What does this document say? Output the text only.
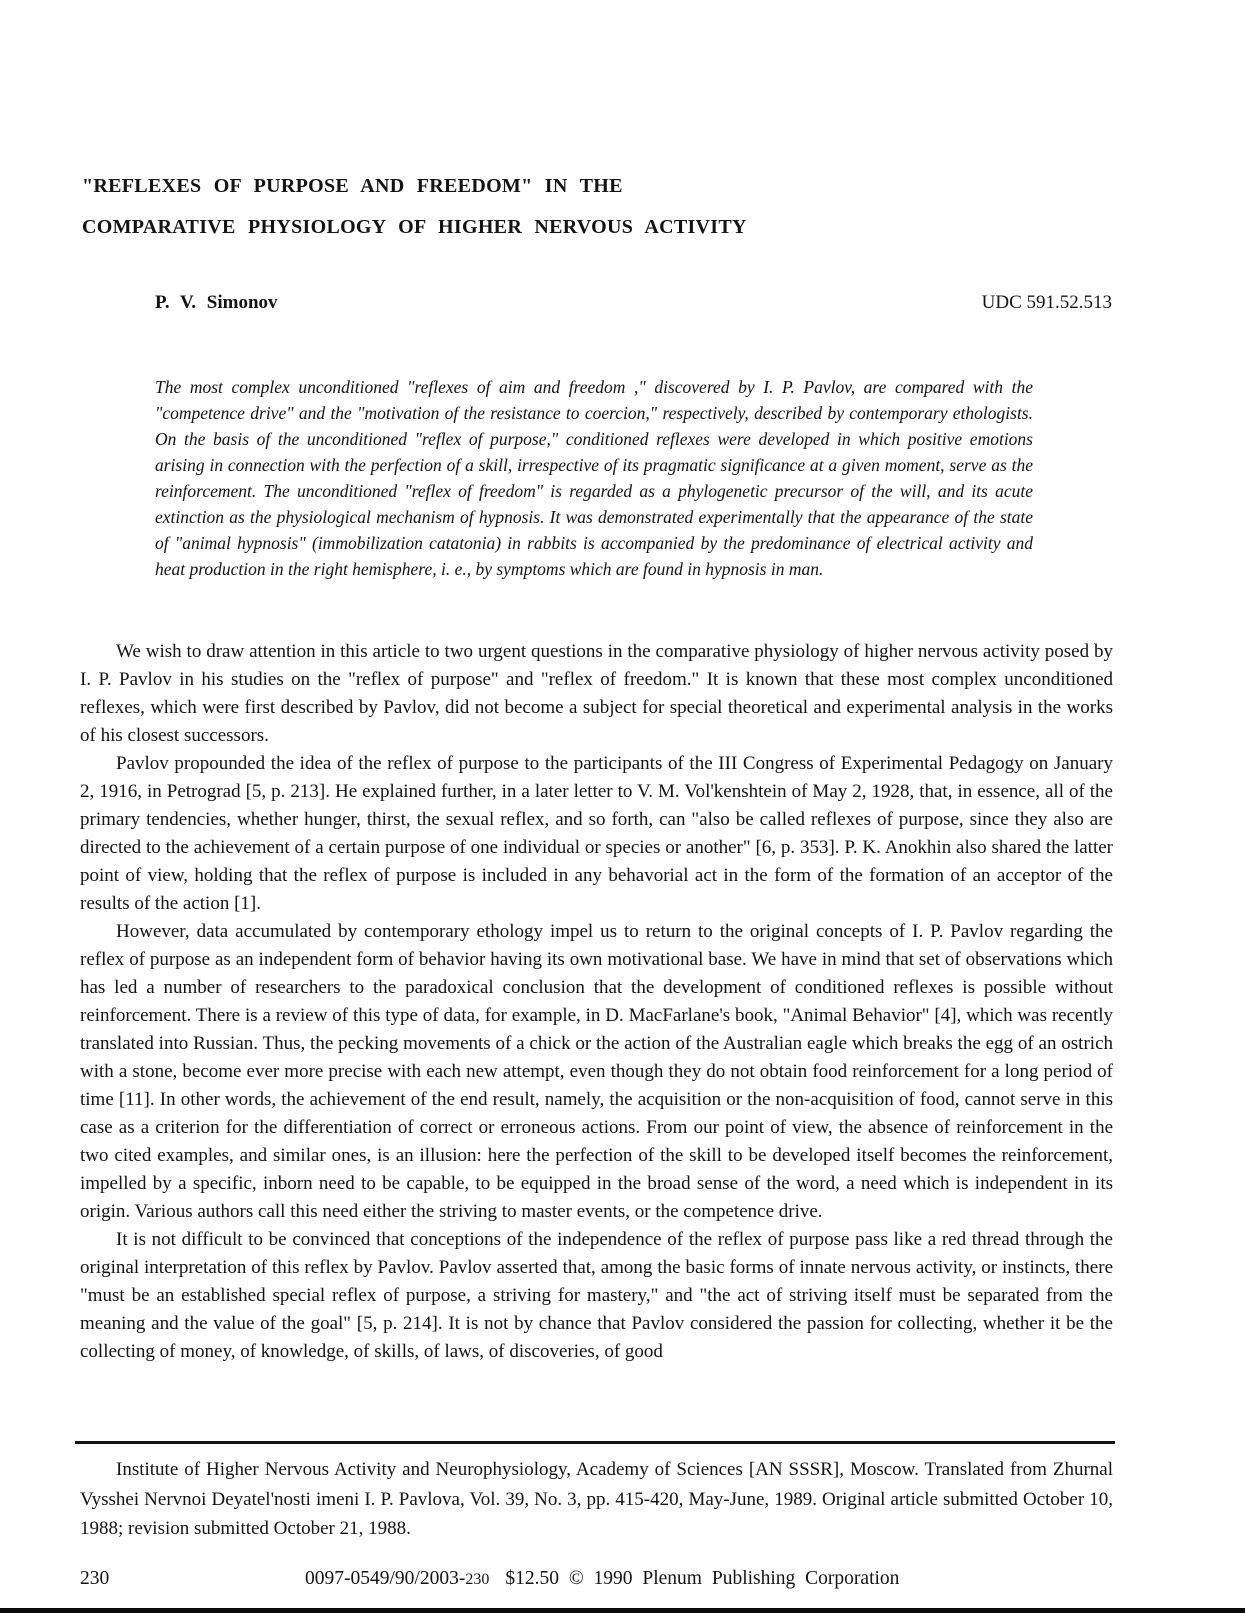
"REFLEXES OF PURPOSE AND FREEDOM" IN THE
COMPARATIVE PHYSIOLOGY OF HIGHER NERVOUS ACTIVITY
P. V. Simonov	UDC 591.52.513

The most complex unconditioned "reflexes of aim and freedom ," discovered by I. P. Pavlov, are compared with the "competence drive" and the "motivation of the resistance to coercion," respectively, described by contemporary ethologists. On the basis of the unconditioned "reflex of purpose," conditioned reflexes were developed in which positive emotions arising in connection with the perfection of a skill, irrespective of its pragmatic significance at a given moment, serve as the reinforcement. The unconditioned "reflex of freedom" is regarded as a phylogenetic precursor of the will, and its acute extinction as the physiological mechanism of hypnosis. It was demonstrated experimentally that the appearance of the state of "animal hypnosis" (immobilization catatonia) in rabbits is accompanied by the predominance of electrical activity and heat production in the right hemisphere, i. e., by symptoms which are found in hypnosis in man.

We wish to draw attention in this article to two urgent questions in the comparative physiology of higher nervous activity posed by I. P. Pavlov in his studies on the "reflex of purpose" and "reflex of freedom." It is known that these most complex unconditioned reflexes, which were first described by Pavlov, did not become a subject for special theoretical and experimental analysis in the works of his closest successors.

Pavlov propounded the idea of the reflex of purpose to the participants of the III Congress of Experimental Pedagogy on January 2, 1916, in Petrograd [5, p. 213]. He explained further, in a later letter to V. M. Vol'kenshtein of May 2, 1928, that, in essence, all of the primary tendencies, whether hunger, thirst, the sexual reflex, and so forth, can "also be called reflexes of purpose, since they also are directed to the achievement of a certain purpose of one individual or species or another" [6, p. 353]. P. K. Anokhin also shared the latter point of view, holding that the reflex of purpose is included in any behavorial act in the form of the formation of an acceptor of the results of the action [1].

However, data accumulated by contemporary ethology impel us to return to the original concepts of I. P. Pavlov regarding the reflex of purpose as an independent form of behavior having its own motivational base. We have in mind that set of observations which has led a number of researchers to the paradoxical conclusion that the development of conditioned reflexes is possible without reinforcement. There is a review of this type of data, for example, in D. MacFarlane's book, "Animal Behavior" [4], which was recently translated into Russian. Thus, the pecking movements of a chick or the action of the Australian eagle which breaks the egg of an ostrich with a stone, become ever more precise with each new attempt, even though they do not obtain food reinforcement for a long period of time [11]. In other words, the achievement of the end result, namely, the acquisition or the non-acquisition of food, cannot serve in this case as a criterion for the differentiation of correct or erroneous actions. From our point of view, the absence of reinforcement in the two cited examples, and similar ones, is an illusion: here the perfection of the skill to be developed itself becomes the reinforcement, impelled by a specific, inborn need to be capable, to be equipped in the broad sense of the word, a need which is independent in its origin. Various authors call this need either the striving to master events, or the competence drive.

It is not difficult to be convinced that conceptions of the independence of the reflex of purpose pass like a red thread through the original interpretation of this reflex by Pavlov. Pavlov asserted that, among the basic forms of innate nervous activity, or instincts, there "must be an established special reflex of purpose, a striving for mastery," and "the act of striving itself must be separated from the meaning and the value of the goal" [5, p. 214]. It is not by chance that Pavlov considered the passion for collecting, whether it be the collecting of money, of knowledge, of skills, of laws, of discoveries, of good

Institute of Higher Nervous Activity and Neurophysiology, Academy of Sciences [AN SSSR], Moscow. Translated from Zhurnal Vysshei Nervnoi Deyatel'nosti imeni I. P. Pavlova, Vol. 39, No. 3, pp. 415-420, May-June, 1989. Original article submitted October 10, 1988; revision submitted October 21, 1988.

230	0097-0549/90/2003-230 $12.50 © 1990 Plenum Publishing Corporation
